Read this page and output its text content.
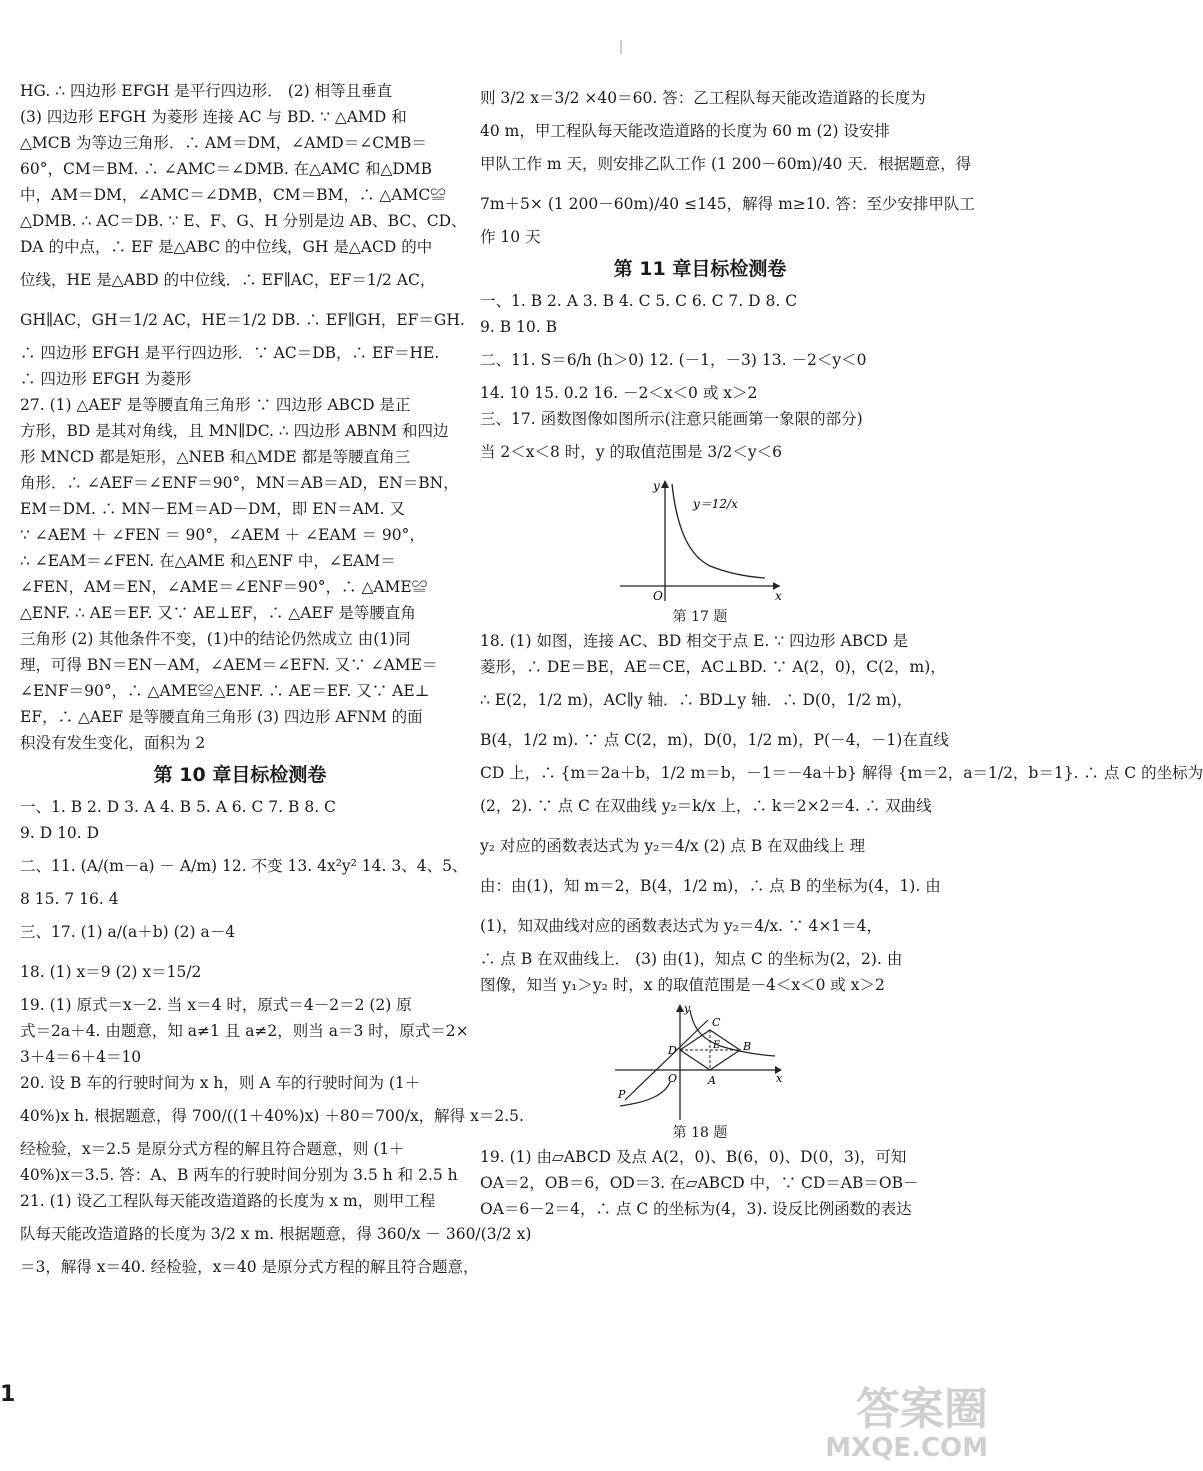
HG. ∴ 四边形 EFGH 是平行四边形． (2) 相等且垂直
(3) 四边形 EFGH 为菱形 连接 AC 与 BD. ∵ △AMD 和
△MCB 为等边三角形．∴ AM＝DM，∠AMD＝∠CMB＝
60°，CM＝BM. ∴ ∠AMC＝∠DMB. 在△AMC 和△DMB
中，AM＝DM，∠AMC＝∠DMB，CM＝BM，∴ △AMC≌
△DMB. ∴ AC＝DB. ∵ E、F、G、H 分别是边 AB、BC、CD、
DA 的中点，∴ EF 是△ABC 的中位线，GH 是△ACD 的中
位线，HE 是△ABD 的中位线．∴ EF∥AC，EF＝1/2 AC，
GH∥AC，GH＝1/2 AC，HE＝1/2 DB. ∴ EF∥GH，EF＝GH.
∴ 四边形 EFGH 是平行四边形．∵ AC＝DB，∴ EF＝HE.
∴ 四边形 EFGH 为菱形
27. (1) △AEF 是等腰直角三角形 ∵ 四边形 ABCD 是正
方形，BD 是其对角线，且 MN∥DC. ∴ 四边形 ABNM 和四边
形 MNCD 都是矩形，△NEB 和△MDE 都是等腰直角三
角形．∴ ∠AEF＝∠ENF＝90°，MN＝AB＝AD，EN＝BN，
EM＝DM. ∴ MN－EM＝AD－DM，即 EN＝AM. 又
∵ ∠AEM ＋ ∠FEN ＝ 90°，∠AEM ＋ ∠EAM ＝ 90°，
∴ ∠EAM＝∠FEN. 在△AME 和△ENF 中，∠EAM＝
∠FEN，AM＝EN，∠AME＝∠ENF＝90°，∴ △AME≌
△ENF. ∴ AE＝EF. 又∵ AE⊥EF，∴ △AEF 是等腰直角
三角形 (2) 其他条件不变，(1)中的结论仍然成立 由(1)同
理，可得 BN＝EN－AM，∠AEM＝∠EFN. 又∵ ∠AME＝
∠ENF＝90°，∴ △AME≌△ENF. ∴ AE＝EF. 又∵ AE⊥
EF，∴ △AEF 是等腰直角三角形 (3) 四边形 AFNM 的面
积没有发生变化，面积为 2
第 10 章目标检测卷
一、1. B 2. D 3. A 4. B 5. A 6. C 7. B 8. C
9. D 10. D
二、11. (A/(m－a) － A/m) 12. 不变 13. 4x²y² 14. 3、4、5、
8 15. 7 16. 4
三、17. (1) a/(a＋b) (2) a－4
18. (1) x＝9 (2) x＝15/2
19. (1) 原式＝x－2. 当 x＝4 时，原式＝4－2＝2 (2) 原
式＝2a＋4. 由题意，知 a≠1 且 a≠2，则当 a＝3 时，原式＝2×
3＋4＝6＋4＝10
20. 设 B 车的行驶时间为 x h，则 A 车的行驶时间为 (1＋
40%)x h. 根据题意，得 700/((1＋40%)x) ＋80＝700/x，解得 x＝2.5.
经检验，x＝2.5 是原分式方程的解且符合题意，则 (1＋
40%)x＝3.5. 答：A、B 两车的行驶时间分别为 3.5 h 和 2.5 h
21. (1) 设乙工程队每天能改造道路的长度为 x m，则甲工程
队每天能改造道路的长度为 3/2 x m. 根据题意，得 360/x － 360/(3/2 x)
＝3，解得 x＝40. 经检验，x＝40 是原分式方程的解且符合题意，
则 3/2 x＝3/2 ×40＝60. 答：乙工程队每天能改造道路的长度为
40 m，甲工程队每天能改造道路的长度为 60 m (2) 设安排
甲队工作 m 天，则安排乙队工作 (1 200－60m)/40 天．根据题意，得
7m＋5× (1 200－60m)/40 ≤145，解得 m≥10. 答：至少安排甲队工
作 10 天
第 11 章目标检测卷
一、1. B 2. A 3. B 4. C 5. C 6. C 7. D 8. C
9. B 10. B
二、11. S＝6/h (h＞0) 12. (－1，－3) 13. －2＜y＜0
14. 10 15. 0.2 16. －2＜x＜0 或 x＞2
三、17. 函数图像如图所示(注意只能画第一象限的部分)
当 2＜x＜8 时，y 的取值范围是 3/2＜y＜6
y＝12/x
x
y
O
第 17 题
18. (1) 如图，连接 AC、BD 相交于点 E. ∵ 四边形 ABCD 是
菱形，∴ DE＝BE，AE＝CE，AC⊥BD. ∵ A(2，0)，C(2，m)，
∴ E(2，1/2 m)，AC∥y 轴．∴ BD⊥y 轴．∴ D(0，1/2 m)，
B(4，1/2 m). ∵ 点 C(2，m)，D(0，1/2 m)，P(－4，－1)在直线
CD 上，∴ {m＝2a＋b，1/2 m＝b，－1＝－4a＋b} 解得 {m＝2，a＝1/2，b＝1}. ∴ 点 C 的坐标为
(2，2). ∵ 点 C 在双曲线 y₂＝k/x 上，∴ k＝2×2＝4. ∴ 双曲线
y₂ 对应的函数表达式为 y₂＝4/x (2) 点 B 在双曲线上 理
由：由(1)，知 m＝2，B(4，1/2 m)，∴ 点 B 的坐标为(4，1). 由
(1)，知双曲线对应的函数表达式为 y₂＝4/x. ∵ 4×1＝4，
∴ 点 B 在双曲线上． (3) 由(1)，知点 C 的坐标为(2，2). 由
图像，知当 y₁＞y₂ 时，x 的取值范围是－4＜x＜0 或 x＞2
y
x
C
D	E B
O	A
P
第 18 题
19. (1) 由▱ABCD 及点 A(2，0)、B(6，0)、D(0，3)，可知
OA＝2，OB＝6，OD＝3. 在▱ABCD 中，∵ CD＝AB＝OB－
OA＝6－2＝4，∴ 点 C 的坐标为(4，3). 设反比例函数的表达
1	答案圈
MXQE.COM
